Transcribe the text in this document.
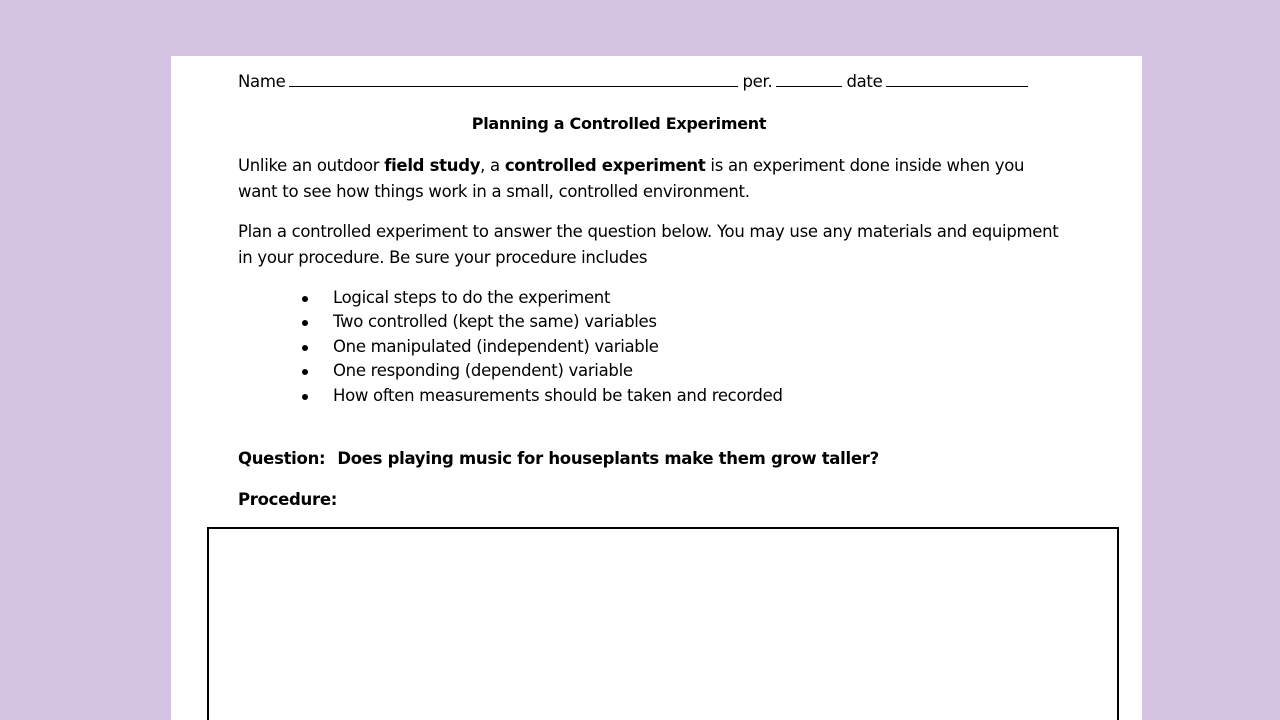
Name	per.	date
Planning a Controlled Experiment

Unlike an outdoor field study, a controlled experiment is an experiment done inside when you want to see how things work in a small, controlled environment.

Plan a controlled experiment to answer the question below. You may use any materials and equipment in your procedure. Be sure your procedure includes

Logical steps to do the experiment
Two controlled (kept the same) variables
One manipulated (independent) variable
One responding (dependent) variable
How often measurements should be taken and recorded
Question: Does playing music for houseplants make them grow taller?
Procedure:
